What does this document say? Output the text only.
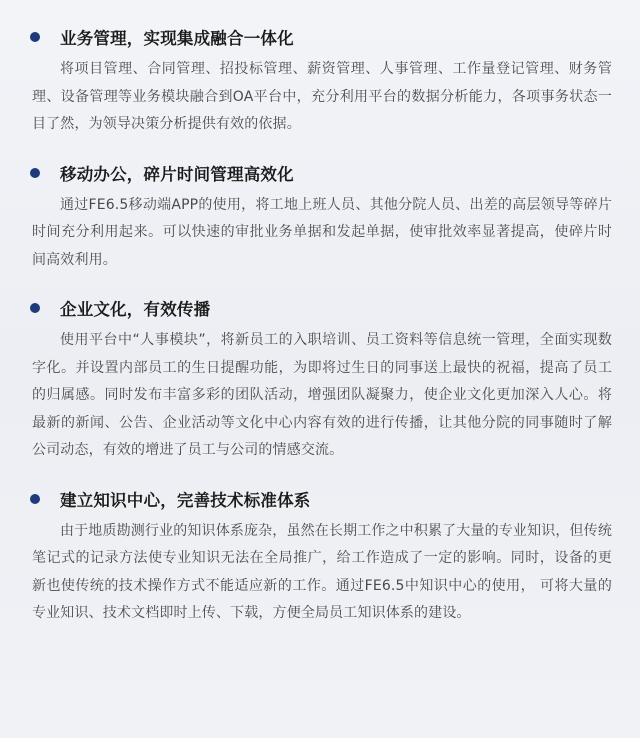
业务管理，实现集成融合一体化

将项目管理、合同管理、招投标管理、薪资管理、人事管理、工作量登记管理、财务管理、设备管理等业务模块融合到OA平台中，充分利用平台的数据分析能力，各项事务状态一目了然，为领导决策分析提供有效的依据。

移动办公，碎片时间管理高效化

通过FE6.5移动端APP的使用，将工地上班人员、其他分院人员、出差的高层领导等碎片时间充分利用起来。可以快速的审批业务单据和发起单据，使审批效率显著提高，使碎片时间高效利用。

企业文化，有效传播

使用平台中“人事模块”，将新员工的入职培训、员工资料等信息统一管理，全面实现数字化。并设置内部员工的生日提醒功能，为即将过生日的同事送上最快的祝福，提高了员工的归属感。同时发布丰富多彩的团队活动，增强团队凝聚力，使企业文化更加深入人心。将最新的新闻、公告、企业活动等文化中心内容有效的进行传播，让其他分院的同事随时了解公司动态，有效的增进了员工与公司的情感交流。

建立知识中心，完善技术标准体系

由于地质勘测行业的知识体系庞杂，虽然在长期工作之中积累了大量的专业知识，但传统笔记式的记录方法使专业知识无法在全局推广，给工作造成了一定的影响。同时，设备的更新也使传统的技术操作方式不能适应新的工作。通过FE6.5中知识中心的使用， 可将大量的专业知识、技术文档即时上传、下载，方便全局员工知识体系的建设。
